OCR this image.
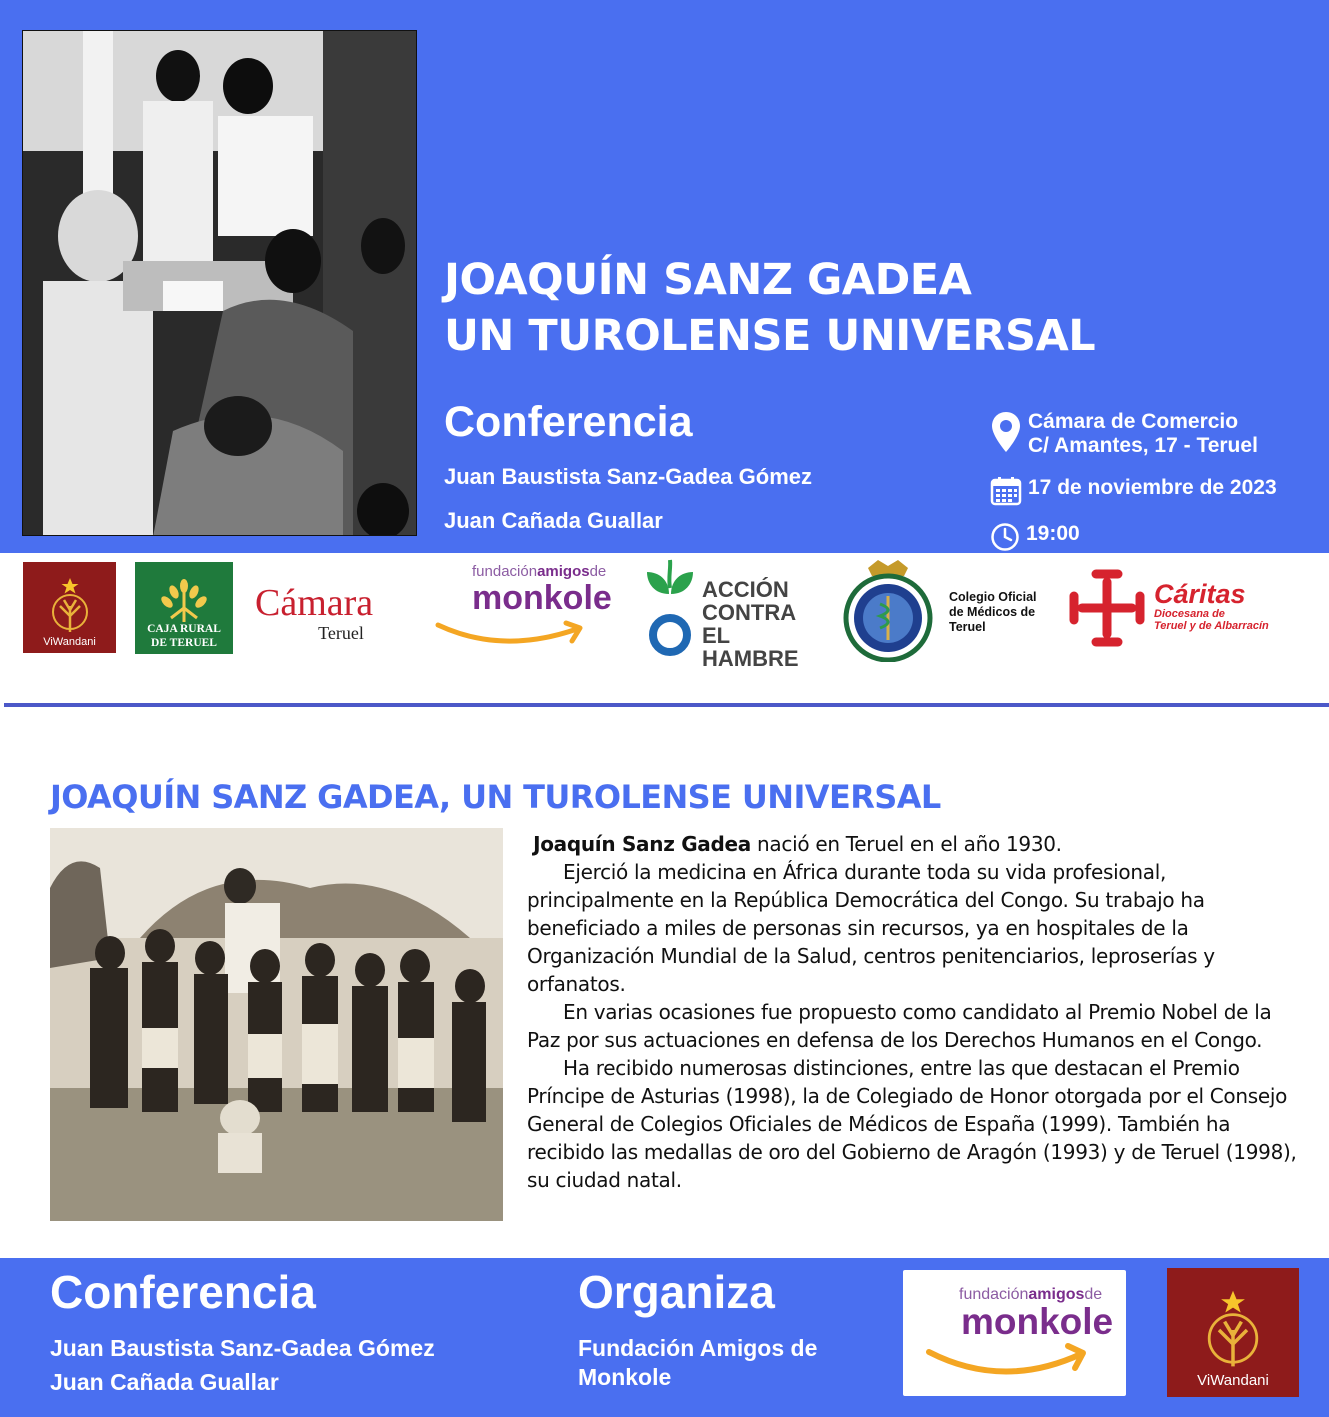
JOAQUÍN SANZ GADEA
UN TUROLENSE UNIVERSAL
Conferencia
Juan Baustista Sanz-Gadea Gómez
Juan Cañada Guallar
Cámara de Comercio
C/ Amantes, 17 - Teruel
17 de noviembre de 2023
19:00
ViWandani
CAJA RURAL
DE TERUEL
Cámara
Teruel
fundaciónamigosde
monkole	ACCIÓN
CONTRA EL
HAMBRE
Colegio Oficial
de Médicos de
Teruel
Cáritas
Diocesana de
Teruel y de Albarracín
JOAQUÍN SANZ GADEA, UN TUROLENSE UNIVERSAL

Joaquín Sanz Gadea nació en Teruel en el año 1930.

Ejerció la medicina en África durante toda su vida profesional, principalmente en la República Democrática del Congo. Su trabajo ha beneficiado a miles de personas sin recursos, ya en hospitales de la Organización Mundial de la Salud, centros penitenciarios, leproserías y orfanatos.

En varias ocasiones fue propuesto como candidato al Premio Nobel de la Paz por sus actuaciones en defensa de los Derechos Humanos en el Congo.

Ha recibido numerosas distinciones, entre las que destacan el Premio Príncipe de Asturias (1998), la de Colegiado de Honor otorgada por el Consejo General de Colegios Oficiales de Médicos de España (1999). También ha recibido las medallas de oro del Gobierno de Aragón (1993) y de Teruel (1998), su ciudad natal.

Conferencia
Juan Baustista Sanz-Gadea Gómez
Juan Cañada Guallar
Organiza
Fundación Amigos de
Monkole
fundaciónamigosde
monkole
ViWandani
